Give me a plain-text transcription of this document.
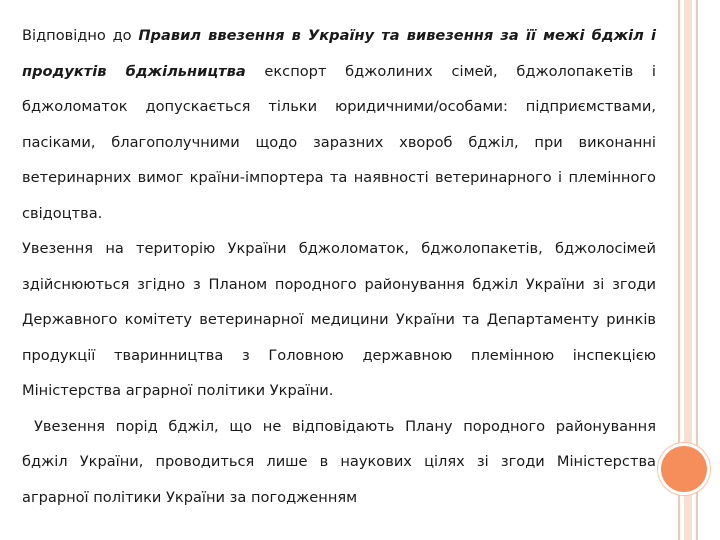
Відповідно до Правил ввезення в Україну та вивезення за її межі бджіл і продуктів бджільництва експорт бджолиних сімей, бджолопакетів і бджоломаток допускається тільки юридичними/особами: підприємствами, пасіками, благополучними щодо заразних хвороб бджіл, при виконанні ветеринарних вимог країни-імпортера та наявності ветеринарного і племінного свідоцтва.

Увезення на територію України бджоломаток, бджолопакетів, бджолосімей здійснюються згідно з Планом породного районування бджіл України зі згоди Державного комітету ветеринарної медицини України та Департаменту ринків продукції тваринництва з Головною державною племінною інспекцією Міністерства аграрної політики України.

Увезення порід бджіл, що не відповідають Плану породного районування бджіл України, проводиться лише в наукових цілях зі згоди Міністерства аграрної політики України за погодженням
